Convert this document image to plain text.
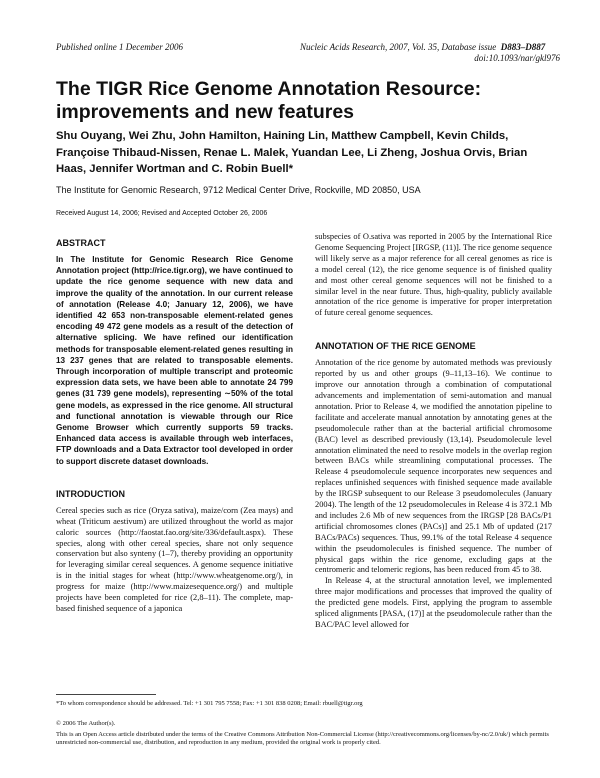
Published online 1 December 2006	Nucleic Acids Research, 2007, Vol. 35, Database issue D883–D887
doi:10.1093/nar/gkl976
The TIGR Rice Genome Annotation Resource: improvements and new features
Shu Ouyang, Wei Zhu, John Hamilton, Haining Lin, Matthew Campbell, Kevin Childs, Françoise Thibaud-Nissen, Renae L. Malek, Yuandan Lee, Li Zheng, Joshua Orvis, Brian Haas, Jennifer Wortman and C. Robin Buell*
The Institute for Genomic Research, 9712 Medical Center Drive, Rockville, MD 20850, USA
Received August 14, 2006; Revised and Accepted October 26, 2006
ABSTRACT
In The Institute for Genomic Research Rice Genome Annotation project (http://rice.tigr.org), we have continued to update the rice genome sequence with new data and improve the quality of the annotation. In our current release of annotation (Release 4.0; January 12, 2006), we have identified 42 653 non-transposable element-related genes encoding 49 472 gene models as a result of the detection of alternative splicing. We have refined our identification methods for transposable element-related genes resulting in 13 237 genes that are related to transposable elements. Through incorporation of multiple transcript and proteomic expression data sets, we have been able to annotate 24 799 genes (31 739 gene models), representing ∼50% of the total gene models, as expressed in the rice genome. All structural and functional annotation is viewable through our Rice Genome Browser which currently supports 59 tracks. Enhanced data access is available through web interfaces, FTP downloads and a Data Extractor tool developed in order to support discrete dataset downloads.
INTRODUCTION

Cereal species such as rice (Oryza sativa), maize/corn (Zea mays) and wheat (Triticum aestivum) are utilized throughout the world as major caloric sources (http://faostat.fao.org/site/336/default.aspx). These species, along with other cereal species, share not only sequence conservation but also synteny (1–7), thereby providing an opportunity for leveraging similar cereal sequences. A genome sequence initiative is in the initial stages for wheat (http://www.wheatgenome.org/), in progress for maize (http://www.maizesequence.org/) and multiple projects have been completed for rice (2,8–11). The complete, map-based finished sequence of a japonica

subspecies of O.sativa was reported in 2005 by the International Rice Genome Sequencing Project [IRGSP, (11)]. The rice genome sequence will likely serve as a major reference for all cereal genomes as rice is a model cereal (12), the rice genome sequence is of finished quality and most other cereal genome sequences will not be finished to a similar level in the near future. Thus, high-quality, publicly available annotation of the rice genome is imperative for proper interpretation of future cereal genome sequences.

ANNOTATION OF THE RICE GENOME

Annotation of the rice genome by automated methods was previously reported by us and other groups (9–11,13–16). We continue to improve our annotation through a combination of computational advancements and implementation of semi-automation and manual annotation. Prior to Release 4, we modified the annotation pipeline to facilitate and accelerate manual annotation by annotating genes at the pseudomolecule rather than at the bacterial artificial chromosome (BAC) level as described previously (13,14). Pseudomolecule level annotation eliminated the need to resolve models in the overlap region between BACs while streamlining computational processes. The Release 4 pseudomolecule sequence incorporates new sequences and replaces unfinished sequences with finished sequence made available by the IRGSP subsequent to our Release 3 pseudomolecules (January 2004). The length of the 12 pseudomolecules in Release 4 is 372.1 Mb and includes 2.6 Mb of new sequences from the IRGSP [28 BACs/P1 artificial chromosomes clones (PACs)] and 25.1 Mb of updated (217 BACs/PACs) sequences. Thus, 99.1% of the total Release 4 sequence within the pseudomolecules is finished sequence. The number of physical gaps within the rice genome, excluding gaps at the centromeric and telomeric regions, has been reduced from 45 to 38.

In Release 4, at the structural annotation level, we implemented three major modifications and processes that improved the quality of the predicted gene models. First, applying the program to assemble spliced alignments [PASA, (17)] at the pseudomolecule rather than the BAC/PAC level allowed for

*To whom correspondence should be addressed. Tel: +1 301 795 7558; Fax: +1 301 838 0208; Email: rbuell@tigr.org
© 2006 The Author(s).
This is an Open Access article distributed under the terms of the Creative Commons Attribution Non-Commercial License (http://creativecommons.org/licenses/by-nc/2.0/uk/) which permits unrestricted non-commercial use, distribution, and reproduction in any medium, provided the original work is properly cited.
